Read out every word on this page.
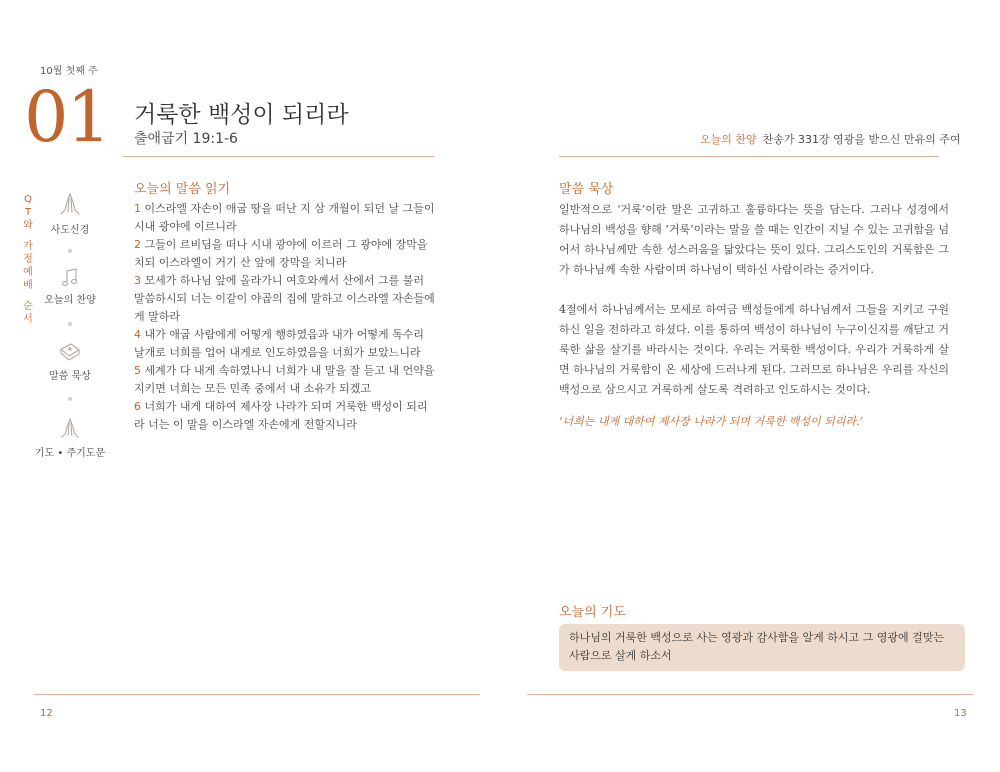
10월 첫째 주
01 거룩한 백성이 되리라
출애굽기 19:1-6	오늘의 찬양 찬송가 331장 영광을 받으신 만유의 주여
Q
T
와
가
정
예
배
순
서
사도신경
오늘의 찬양
말씀 묵상
기도 • 주기도문
오늘의 말씀 읽기
1 이스라엘 자손이 애굽 땅을 떠난 지 삼 개월이 되던 날 그들이 시내 광야에 이르니라
2 그들이 르비딤을 떠나 시내 광야에 이르러 그 광야에 장막을 치되 이스라엘이 거기 산 앞에 장막을 치니라
3 모세가 하나님 앞에 올라가니 여호와께서 산에서 그를 불러 말씀하시되 너는 이같이 야곱의 집에 말하고 이스라엘 자손들에게 말하라
4 내가 애굽 사람에게 어떻게 행하였음과 내가 어떻게 독수리 날개로 너희를 업어 내게로 인도하였음을 너희가 보았느니라
5 세계가 다 내게 속하였나니 너희가 내 말을 잘 듣고 내 언약을 지키면 너희는 모든 민족 중에서 내 소유가 되겠고
6 너희가 내게 대하여 제사장 나라가 되며 거룩한 백성이 되리라 너는 이 말을 이스라엘 자손에게 전할지니라
말씀 묵상

일반적으로 ‘거룩’이란 말은 고귀하고 훌륭하다는 뜻을 담는다. 그러나 성경에서 하나님의 백성을 향해 ‘거룩’이라는 말을 쓸 때는 인간이 지닐 수 있는 고귀함을 넘어서 하나님께만 속한 성스러움을 닮았다는 뜻이 있다. 그리스도인의 거룩함은 그가 하나님께 속한 사람이며 하나님이 택하신 사람이라는 증거이다.

4절에서 하나님께서는 모세로 하여금 백성들에게 하나님께서 그들을 지키고 구원하신 일을 전하라고 하셨다. 이를 통하여 백성이 하나님이 누구이신지를 깨닫고 거룩한 삶을 살기를 바라시는 것이다. 우리는 거룩한 백성이다. 우리가 거룩하게 살면 하나님의 거룩함이 온 세상에 드러나게 된다. 그러므로 하나님은 우리를 자신의 백성으로 삼으시고 거룩하게 살도록 격려하고 인도하시는 것이다.

‘너희는 내게 대하여 제사장 나라가 되며 거룩한 백성이 되리라.’
오늘의 기도
하나님의 거룩한 백성으로 사는 영광과 감사함을 알게 하시고 그 영광에 걸맞는 사람으로 살게 하소서
12	13
